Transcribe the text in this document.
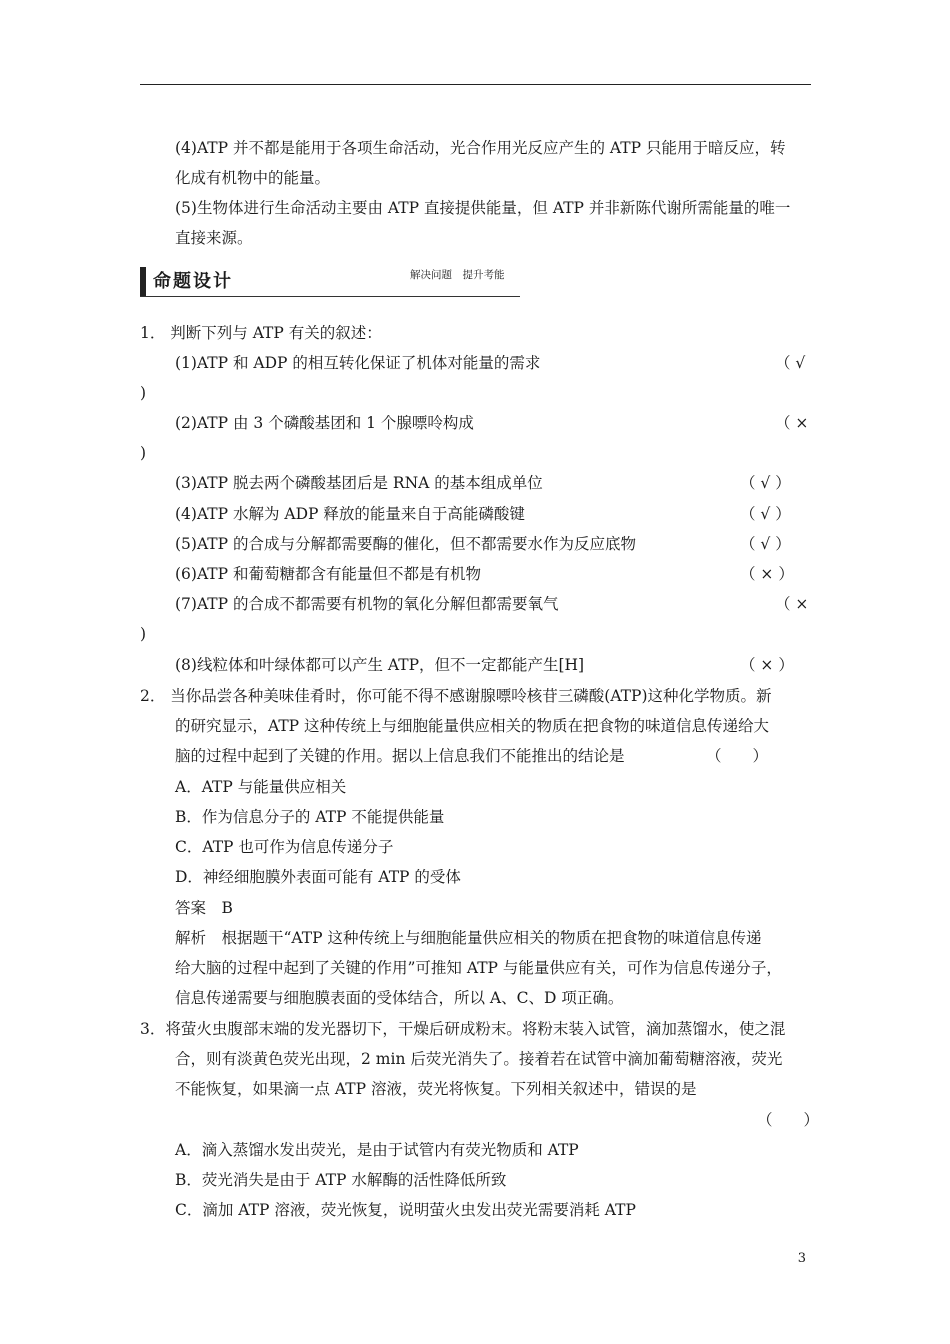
(4)ATP 并不都是能用于各项生命活动，光合作用光反应产生的 ATP 只能用于暗反应，转
化成有机物中的能量。
(5)生物体进行生命活动主要由 ATP 直接提供能量，但 ATP 并非新陈代谢所需能量的唯一
直接来源。
命题设计	解决问题　提升考能
1． 判断下列与 ATP 有关的叙述：
(1)ATP 和 ADP 的相互转化保证了机体对能量的需求	（ √
)
(2)ATP 由 3 个磷酸基团和 1 个腺嘌呤构成	（ ×
)
(3)ATP 脱去两个磷酸基团后是 RNA 的基本组成单位	（ √ ）
(4)ATP 水解为 ADP 释放的能量来自于高能磷酸键	（ √ ）
(5)ATP 的合成与分解都需要酶的催化，但不都需要水作为反应底物	（ √ ）
(6)ATP 和葡萄糖都含有能量但不都是有机物	（ × ）
(7)ATP 的合成不都需要有机物的氧化分解但都需要氧气	（ ×
)
(8)线粒体和叶绿体都可以产生 ATP，但不一定都能产生[H]	（ × ）
2． 当你品尝各种美味佳肴时，你可能不得不感谢腺嘌呤核苷三磷酸(ATP)这种化学物质。新
的研究显示，ATP 这种传统上与细胞能量供应相关的物质在把食物的味道信息传递给大
脑的过程中起到了关键的作用。据以上信息我们不能推出的结论是	（　　）
A．ATP 与能量供应相关
B．作为信息分子的 ATP 不能提供能量
C．ATP 也可作为信息传递分子
D．神经细胞膜外表面可能有 ATP 的受体
答案　B
解析　根据题干“ATP 这种传统上与细胞能量供应相关的物质在把食物的味道信息传递
给大脑的过程中起到了关键的作用”可推知 ATP 与能量供应有关，可作为信息传递分子，
信息传递需要与细胞膜表面的受体结合，所以 A、C、D 项正确。
3．将萤火虫腹部末端的发光器切下，干燥后研成粉末。将粉末装入试管，滴加蒸馏水，使之混
合，则有淡黄色荧光出现，2 min 后荧光消失了。接着若在试管中滴加葡萄糖溶液，荧光
不能恢复，如果滴一点 ATP 溶液，荧光将恢复。下列相关叙述中，错误的是
（　　）
A．滴入蒸馏水发出荧光，是由于试管内有荧光物质和 ATP
B．荧光消失是由于 ATP 水解酶的活性降低所致
C．滴加 ATP 溶液，荧光恢复，说明萤火虫发出荧光需要消耗 ATP
3
